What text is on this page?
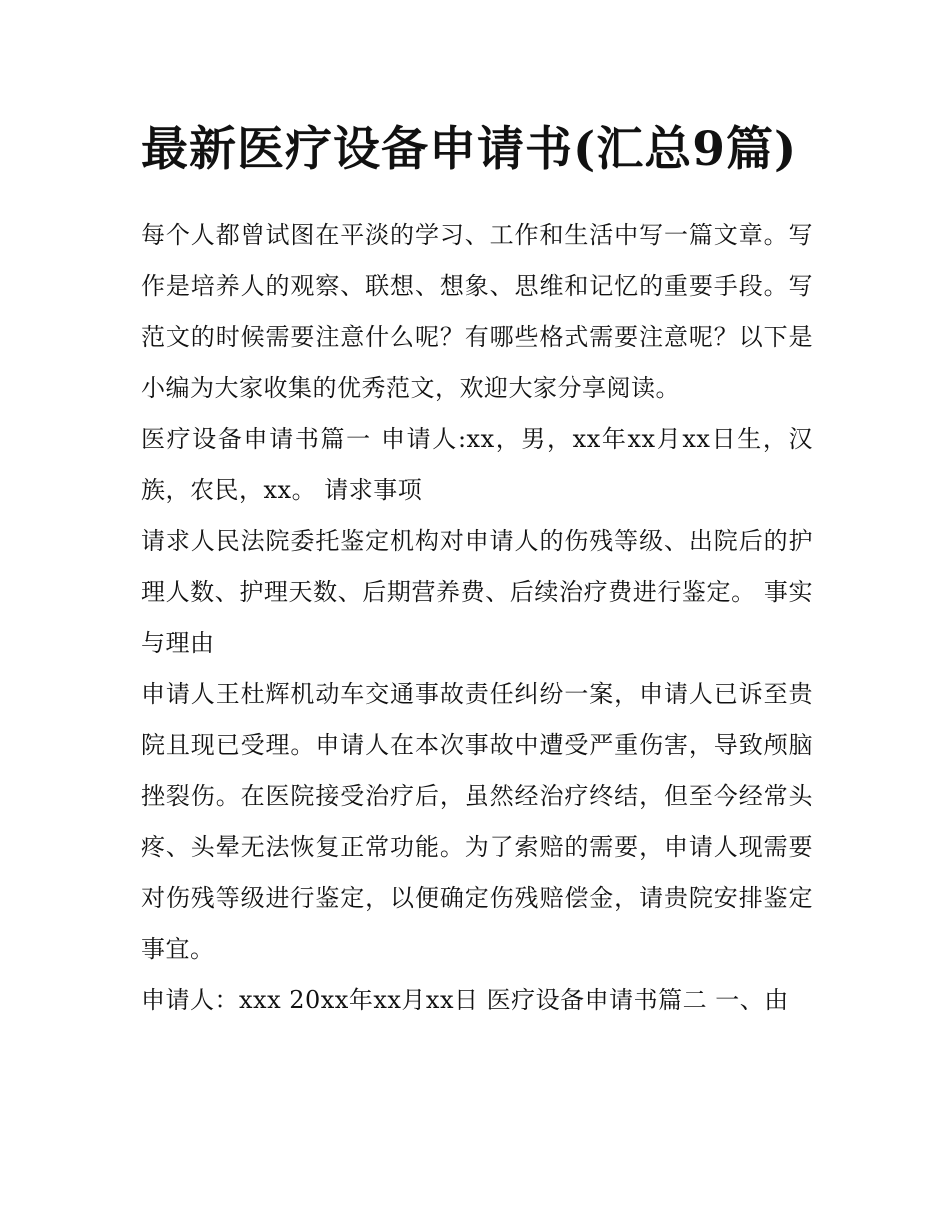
最新医疗设备申请书(汇总9篇)

每个人都曾试图在平淡的学习、工作和生活中写一篇文章。写作是培养人的观察、联想、想象、思维和记忆的重要手段。写范文的时候需要注意什么呢？有哪些格式需要注意呢？以下是小编为大家收集的优秀范文，欢迎大家分享阅读。

医疗设备申请书篇一 申请人:xx，男，xx年xx月xx日生，汉族，农民，xx。 请求事项

请求人民法院委托鉴定机构对申请人的伤残等级、出院后的护理人数、护理天数、后期营养费、后续治疗费进行鉴定。 事实与理由

申请人王杜辉机动车交通事故责任纠纷一案，申请人已诉至贵院且现已受理。申请人在本次事故中遭受严重伤害，导致颅脑挫裂伤。在医院接受治疗后，虽然经治疗终结，但至今经常头疼、头晕无法恢复正常功能。为了索赔的需要，申请人现需要对伤残等级进行鉴定，以便确定伤残赔偿金，请贵院安排鉴定事宜。

申请人：xxx 20xx年xx月xx日 医疗设备申请书篇二 一、由
